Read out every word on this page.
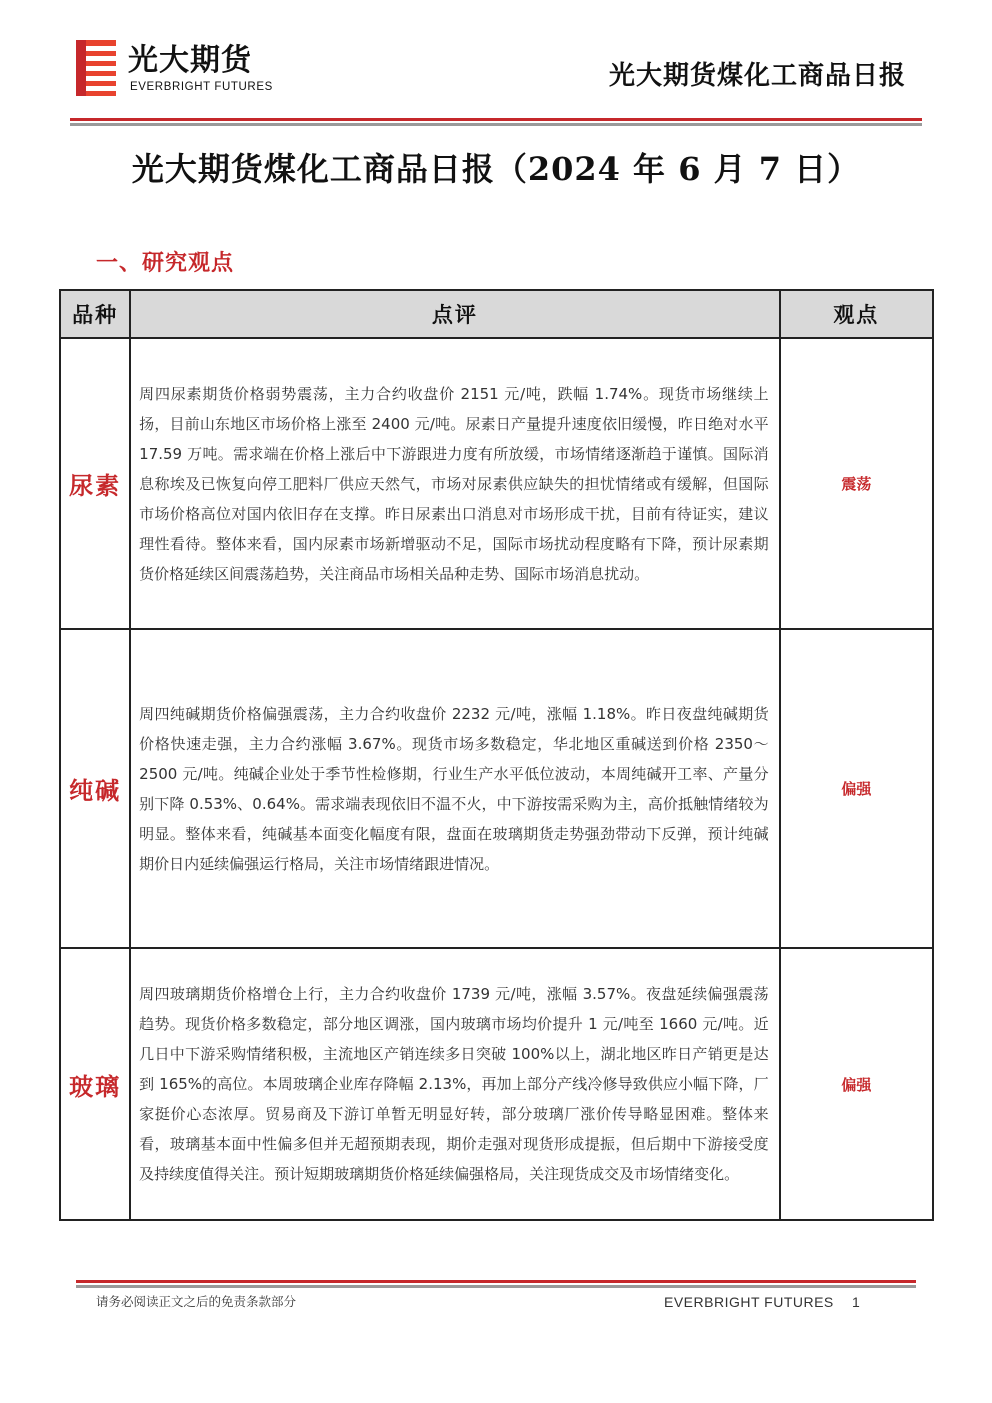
光大期货
EVERBRIGHT FUTURES	光大期货煤化工商品日报
光大期货煤化工商品日报（2024 年 6 月 7 日）
一、研究观点
品种	点评	观点
尿素	周四尿素期货价格弱势震荡，主力合约收盘价 2151 元/吨，跌幅 1.74%。现货市场继续上扬，目前山东地区市场价格上涨至 2400 元/吨。尿素日产量提升速度依旧缓慢，昨日绝对水平 17.59 万吨。需求端在价格上涨后中下游跟进力度有所放缓，市场情绪逐渐趋于谨慎。国际消息称埃及已恢复向停工肥料厂供应天然气，市场对尿素供应缺失的担忧情绪或有缓解，但国际市场价格高位对国内依旧存在支撑。昨日尿素出口消息对市场形成干扰，目前有待证实，建议理性看待。整体来看，国内尿素市场新增驱动不足，国际市场扰动程度略有下降，预计尿素期货价格延续区间震荡趋势，关注商品市场相关品种走势、国际市场消息扰动。	震荡
纯碱	周四纯碱期货价格偏强震荡，主力合约收盘价 2232 元/吨，涨幅 1.18%。昨日夜盘纯碱期货价格快速走强，主力合约涨幅 3.67%。现货市场多数稳定，华北地区重碱送到价格 2350～2500 元/吨。纯碱企业处于季节性检修期，行业生产水平低位波动，本周纯碱开工率、产量分别下降 0.53%、0.64%。需求端表现依旧不温不火，中下游按需采购为主，高价抵触情绪较为明显。整体来看，纯碱基本面变化幅度有限，盘面在玻璃期货走势强劲带动下反弹，预计纯碱期价日内延续偏强运行格局，关注市场情绪跟进情况。	偏强
玻璃	周四玻璃期货价格增仓上行，主力合约收盘价 1739 元/吨，涨幅 3.57%。夜盘延续偏强震荡趋势。现货价格多数稳定，部分地区调涨，国内玻璃市场均价提升 1 元/吨至 1660 元/吨。近几日中下游采购情绪积极，主流地区产销连续多日突破 100%以上，湖北地区昨日产销更是达到 165%的高位。本周玻璃企业库存降幅 2.13%，再加上部分产线冷修导致供应小幅下降，厂家挺价心态浓厚。贸易商及下游订单暂无明显好转，部分玻璃厂涨价传导略显困难。整体来看，玻璃基本面中性偏多但并无超预期表现，期价走强对现货形成提振，但后期中下游接受度及持续度值得关注。预计短期玻璃期货价格延续偏强格局，关注现货成交及市场情绪变化。	偏强
请务必阅读正文之后的免责条款部分	EVERBRIGHT FUTURES 1
